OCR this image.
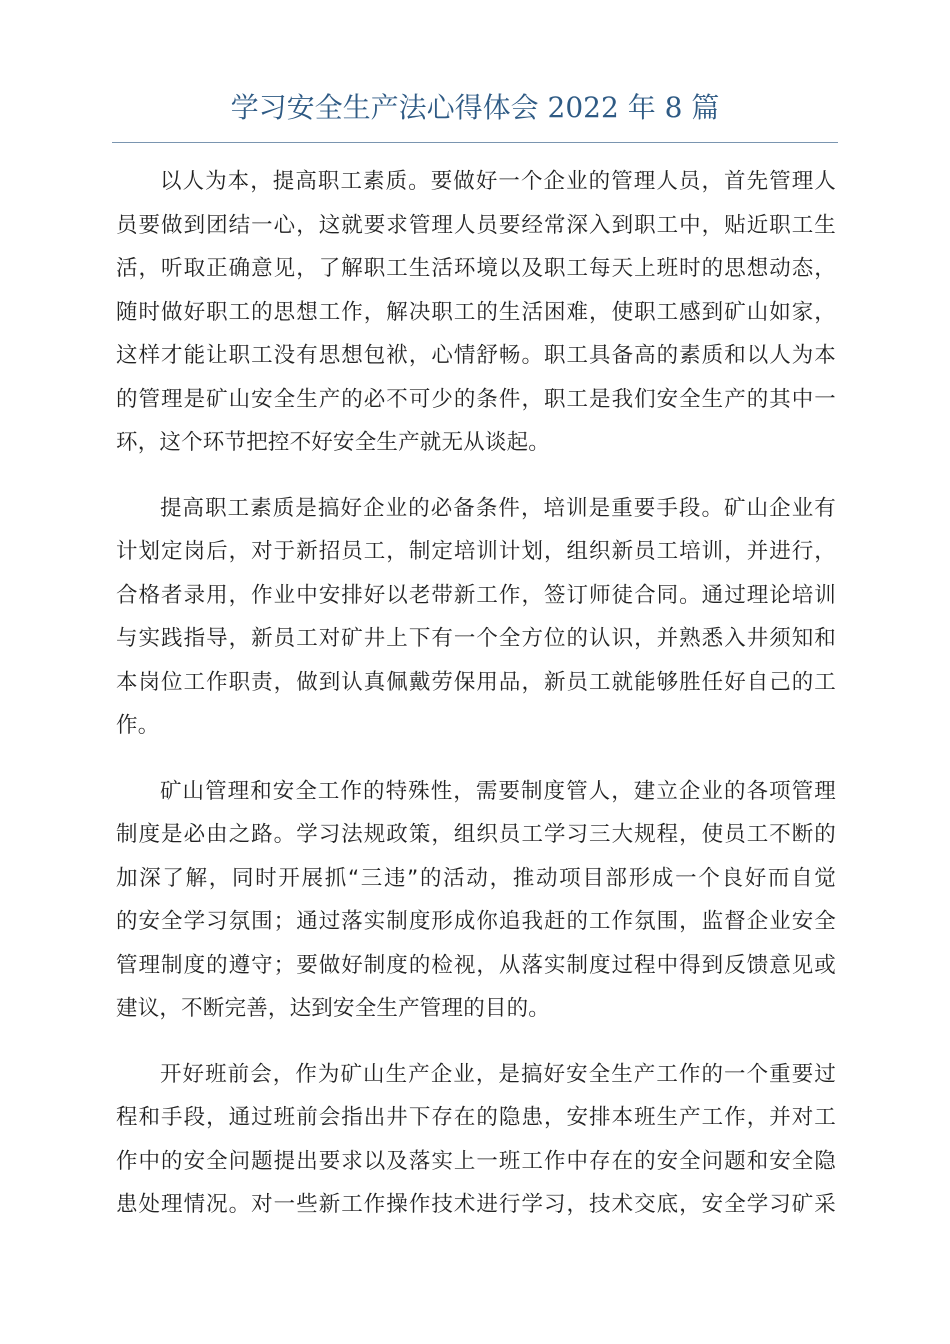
学习安全生产法心得体会 2022 年 8 篇
以人为本，提高职工素质。要做好一个企业的管理人员，首先管理人
员要做到团结一心，这就要求管理人员要经常深入到职工中，贴近职工生
活，听取正确意见，了解职工生活环境以及职工每天上班时的思想动态，
随时做好职工的思想工作，解决职工的生活困难，使职工感到矿山如家，
这样才能让职工没有思想包袱，心情舒畅。职工具备高的素质和以人为本
的管理是矿山安全生产的必不可少的条件，职工是我们安全生产的其中一
环，这个环节把控不好安全生产就无从谈起。
提高职工素质是搞好企业的必备条件，培训是重要手段。矿山企业有
计划定岗后，对于新招员工，制定培训计划，组织新员工培训，并进行，
合格者录用，作业中安排好以老带新工作，签订师徒合同。通过理论培训
与实践指导，新员工对矿井上下有一个全方位的认识，并熟悉入井须知和
本岗位工作职责，做到认真佩戴劳保用品，新员工就能够胜任好自己的工
作。
矿山管理和安全工作的特殊性，需要制度管人，建立企业的各项管理
制度是必由之路。学习法规政策，组织员工学习三大规程，使员工不断的
加深了解，同时开展抓“三违”的活动，推动项目部形成一个良好而自觉
的安全学习氛围；通过落实制度形成你追我赶的工作氛围，监督企业安全
管理制度的遵守；要做好制度的检视，从落实制度过程中得到反馈意见或
建议，不断完善，达到安全生产管理的目的。
开好班前会，作为矿山生产企业，是搞好安全生产工作的一个重要过
程和手段，通过班前会指出井下存在的隐患，安排本班生产工作，并对工
作中的安全问题提出要求以及落实上一班工作中存在的安全问题和安全隐
患处理情况。对一些新工作操作技术进行学习，技术交底，安全学习矿采
